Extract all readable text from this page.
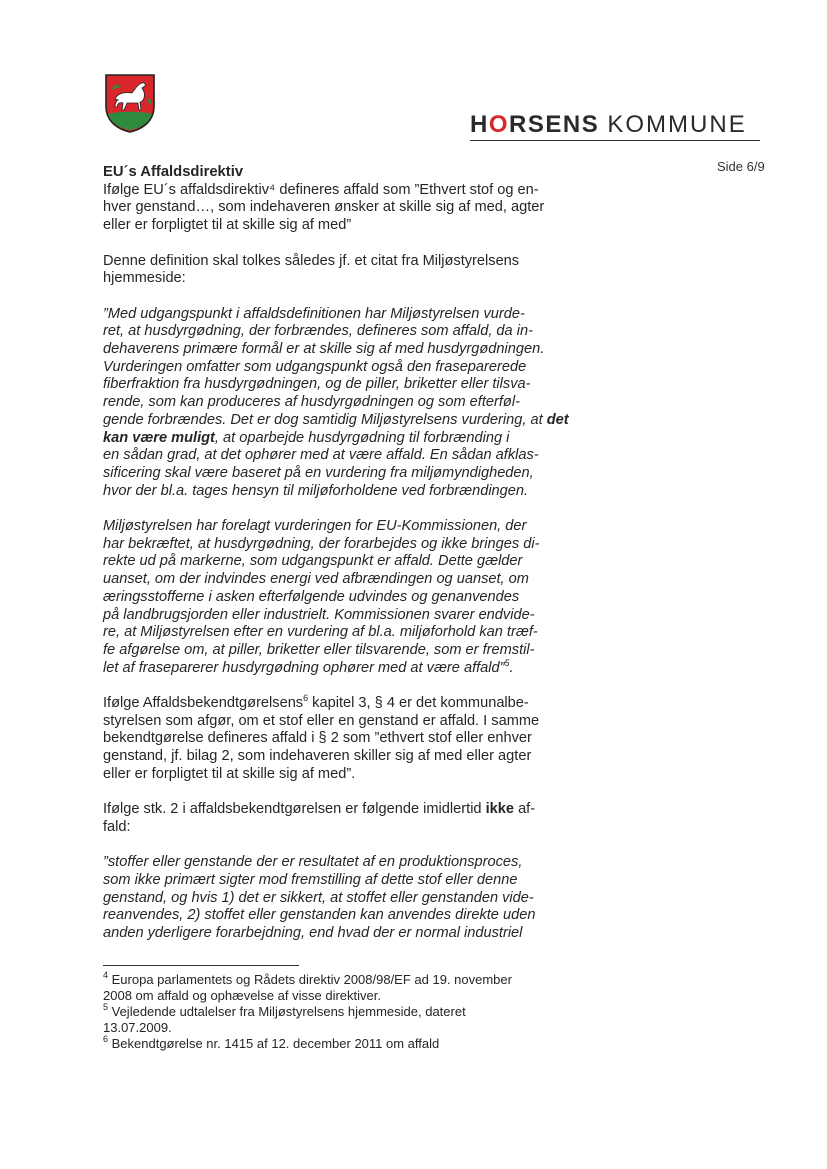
HORSENS KOMMUNE
Side 6/9

EU´s Affaldsdirektiv

Ifølge EU´s affaldsdirektiv⁴ defineres affald som ”Ethvert stof og en-
hver genstand…, som indehaveren ønsker at skille sig af med, agter
eller er forpligtet til at skille sig af med”

Denne definition skal tolkes således jf. et citat fra Miljøstyrelsens
hjemmeside:

”Med udgangspunkt i affaldsdefinitionen har Miljøstyrelsen vurde-
ret, at husdyrgødning, der forbrændes, defineres som affald, da in-
dehaverens primære formål er at skille sig af med husdyrgødningen.
Vurderingen omfatter som udgangspunkt også den fraseparerede
fiberfraktion fra husdyrgødningen, og de piller, briketter eller tilsva-
rende, som kan produceres af husdyrgødningen og som efterføl-
gende forbrændes. Det er dog samtidig Miljøstyrelsens vurdering, at det kan være muligt, at oparbejde husdyrgødning til forbrænding i
en sådan grad, at det ophører med at være affald. En sådan afklas-
sificering skal være baseret på en vurdering fra miljømyndigheden,
hvor der bl.a. tages hensyn til miljøforholdene ved forbrændingen.

Miljøstyrelsen har forelagt vurderingen for EU-Kommissionen, der
har bekræftet, at husdyrgødning, der forarbejdes og ikke bringes di-
rekte ud på markerne, som udgangspunkt er affald. Dette gælder
uanset, om der indvindes energi ved afbrændingen og uanset, om
æringsstofferne i asken efterfølgende udvindes og genanvendes
på landbrugsjorden eller industrielt. Kommissionen svarer endvide-
re, at Miljøstyrelsen efter en vurdering af bl.a. miljøforhold kan træf-
fe afgørelse om, at piller, briketter eller tilsvarende, som er fremstil-
let af fraseparerer husdyrgødning ophører med at være affald”$^5$.

Ifølge Affaldsbekendtgørelsens$^6$ kapitel 3, § 4 er det kommunalbe-
styrelsen som afgør, om et stof eller en genstand er affald. I samme
bekendtgørelse defineres affald i § 2 som ”ethvert stof eller enhver
genstand, jf. bilag 2, som indehaveren skiller sig af med eller agter
eller er forpligtet til at skille sig af med”.

Ifølge stk. 2 i affaldsbekendtgørelsen er følgende imidlertid ikke af-
fald:

”stoffer eller genstande der er resultatet af en produktionsproces,
som ikke primært sigter mod fremstilling af dette stof eller denne
genstand, og hvis 1) det er sikkert, at stoffet eller genstanden vide-
reanvendes, 2) stoffet eller genstanden kan anvendes direkte uden
anden yderligere forarbejdning, end hvad der er normal industriel

$^4$ Europa parlamentets og Rådets direktiv 2008/98/EF ad 19. november
2008 om affald og ophævelse af visse direktiver.

$^5$ Vejledende udtalelser fra Miljøstyrelsens hjemmeside, dateret
13.07.2009.

$^6$ Bekendtgørelse nr. 1415 af 12. december 2011 om affald
